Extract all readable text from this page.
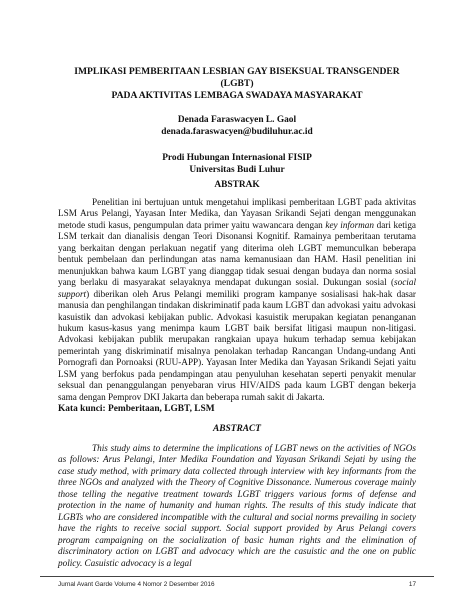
IMPLIKASI PEMBERITAAN LESBIAN GAY BISEKSUAL TRANSGENDER (LGBT)
PADA AKTIVITAS LEMBAGA SWADAYA MASYARAKAT
Denada Faraswacyen L. Gaol
denada.faraswacyen@budiluhur.ac.id
Prodi Hubungan Internasional FISIP
Universitas Budi Luhur
ABSTRAK

Penelitian ini bertujuan untuk mengetahui implikasi pemberitaan LGBT pada aktivitas LSM Arus Pelangi, Yayasan Inter Medika, dan Yayasan Srikandi Sejati dengan menggunakan metode studi kasus, pengumpulan data primer yaitu wawancara dengan key informan dari ketiga LSM terkait dan dianalisis dengan Teori Disonansi Kognitif. Ramainya pemberitaan terutama yang berkaitan dengan perlakuan negatif yang diterima oleh LGBT memunculkan beberapa bentuk pembelaan dan perlindungan atas nama kemanusiaan dan HAM. Hasil penelitian ini menunjukkan bahwa kaum LGBT yang dianggap tidak sesuai dengan budaya dan norma sosial yang berlaku di masyarakat selayaknya mendapat dukungan sosial. Dukungan sosial (social support) diberikan oleh Arus Pelangi memiliki program kampanye sosialisasi hak-hak dasar manusia dan penghilangan tindakan diskriminatif pada kaum LGBT dan advokasi yaitu advokasi kasuistik dan advokasi kebijakan public. Advokasi kasuistik merupakan kegiatan penanganan hukum kasus-kasus yang menimpa kaum LGBT baik bersifat litigasi maupun non-litigasi. Advokasi kebijakan publik merupakan rangkaian upaya hukum terhadap semua kebijakan pemerintah yang diskriminatif misalnya penolakan terhadap Rancangan Undang-undang Anti Pornografi dan Pornoaksi (RUU-APP). Yayasan Inter Medika dan Yayasan Srikandi Sejati yaitu LSM yang berfokus pada pendampingan atau penyuluhan kesehatan seperti penyakit menular seksual dan penanggulangan penyebaran virus HIV/AIDS pada kaum LGBT dengan bekerja sama dengan Pemprov DKI Jakarta dan beberapa rumah sakit di Jakarta.

Kata kunci: Pemberitaan, LGBT, LSM
ABSTRACT

This study aims to determine the implications of LGBT news on the activities of NGOs as follows: Arus Pelangi, Inter Medika Foundation and Yayasan Srikandi Sejati by using the case study method, with primary data collected through interview with key informants from the three NGOs and analyzed with the Theory of Cognitive Dissonance. Numerous coverage mainly those telling the negative treatment towards LGBT triggers various forms of defense and protection in the name of humanity and human rights. The results of this study indicate that LGBTs who are considered incompatible with the cultural and social norms prevailing in society have the rights to receive social support. Social support provided by Arus Pelangi covers program campaigning on the socialization of basic human rights and the elimination of discriminatory action on LGBT and advocacy which are the casuistic and the one on public policy. Casuistic advocacy is a legal

Jurnal Avant Garde Volume 4 Nomor 2 Desember 2016	17
